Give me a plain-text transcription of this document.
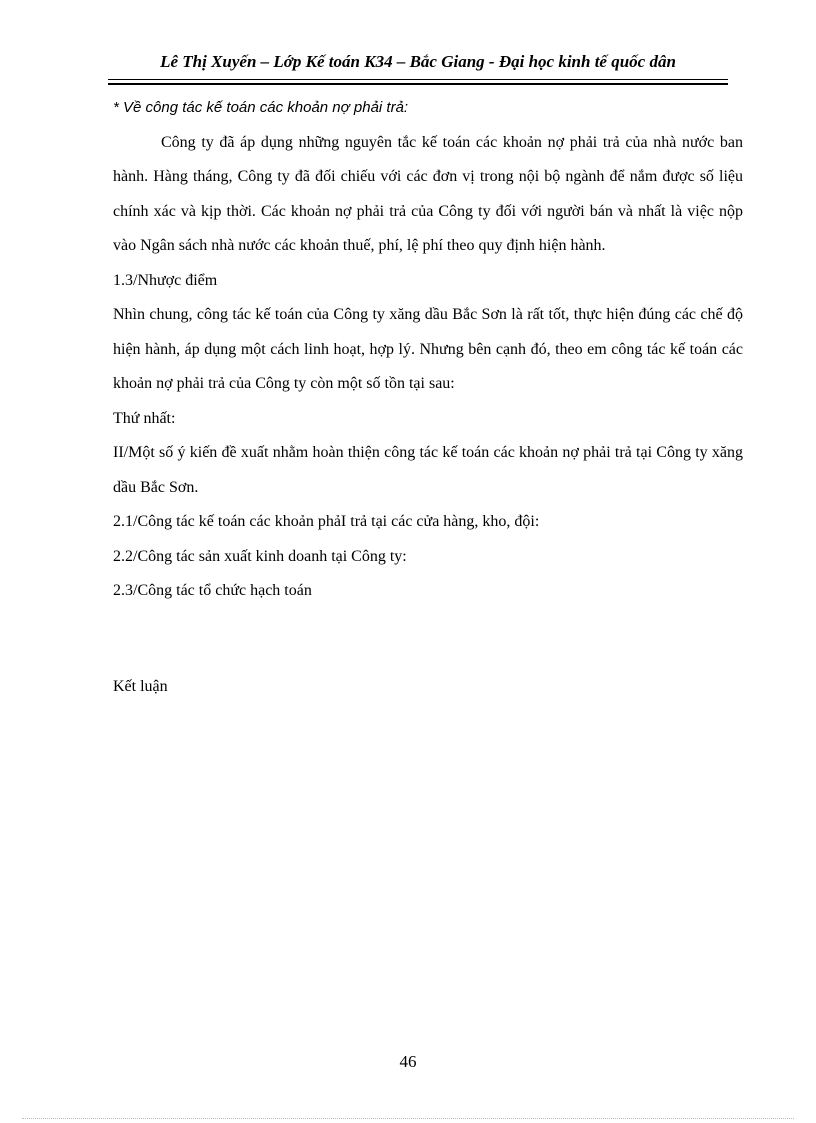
Lê Thị Xuyến – Lớp Kế toán K34 – Bắc Giang - Đại học kinh tế quốc dân

* Về công tác kế toán các khoản nợ phải trả:

Công ty đã áp dụng những nguyên tắc kế toán các khoản nợ phải trả của nhà nước ban hành. Hàng tháng, Công ty đã đối chiếu với các đơn vị trong nội bộ ngành để nắm được số liệu chính xác và kịp thời. Các khoản nợ phải trả của Công ty đối với người bán và nhất là việc nộp vào Ngân sách nhà nước các khoản thuế, phí, lệ phí theo quy định hiện hành.

1.3/Nhược điểm

Nhìn chung, công tác kế toán của Công ty xăng dầu Bắc Sơn là rất tốt, thực hiện đúng các chế độ hiện hành, áp dụng một cách linh hoạt, hợp lý. Nhưng bên cạnh đó, theo em công tác kế toán các khoản nợ phải trả của Công ty còn một số tồn tại sau:

Thứ nhất:

II/Một số ý kiến đề xuất nhằm hoàn thiện công tác kế toán các khoản nợ phải trả tại Công ty xăng dầu Bắc Sơn.

2.1/Công tác kế toán các khoản phảI trả tại các cửa hàng, kho, đội:

2.2/Công tác sản xuất kinh doanh tại Công ty:

2.3/Công tác tổ chức hạch toán

Kết luận

46
